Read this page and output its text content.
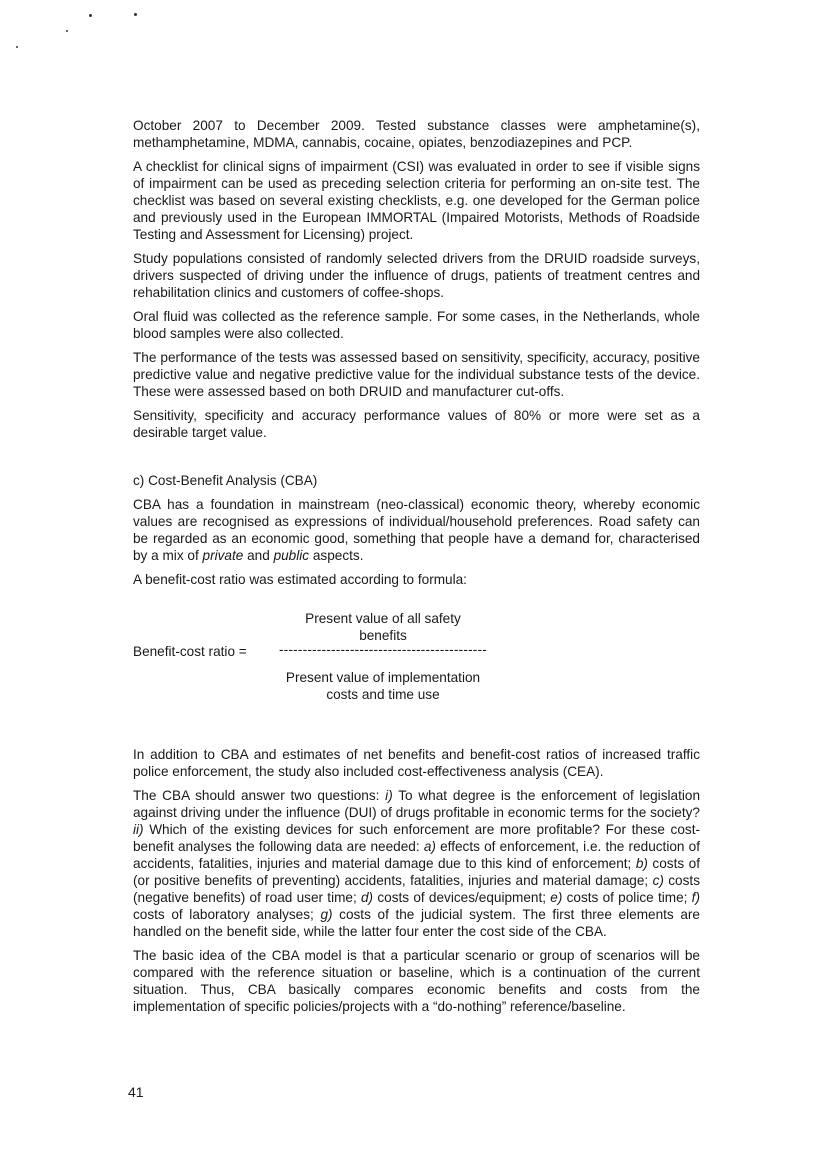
October 2007 to December 2009. Tested substance classes were amphetamine(s), methamphetamine, MDMA, cannabis, cocaine, opiates, benzodiazepines and PCP.

A checklist for clinical signs of impairment (CSI) was evaluated in order to see if visible signs of impairment can be used as preceding selection criteria for performing an on-site test. The checklist was based on several existing checklists, e.g. one developed for the German police and previously used in the European IMMORTAL (Impaired Motorists, Methods of Roadside Testing and Assessment for Licensing) project.

Study populations consisted of randomly selected drivers from the DRUID roadside surveys, drivers suspected of driving under the influence of drugs, patients of treatment centres and rehabilitation clinics and customers of coffee-shops.

Oral fluid was collected as the reference sample. For some cases, in the Netherlands, whole blood samples were also collected.

The performance of the tests was assessed based on sensitivity, specificity, accuracy, positive predictive value and negative predictive value for the individual substance tests of the device. These were assessed based on both DRUID and manufacturer cut-offs.

Sensitivity, specificity and accuracy performance values of 80% or more were set as a desirable target value.

c) Cost-Benefit Analysis (CBA)

CBA has a foundation in mainstream (neo-classical) economic theory, whereby economic values are recognised as expressions of individual/household preferences. Road safety can be regarded as an economic good, something that people have a demand for, characterised by a mix of private and public aspects.

A benefit-cost ratio was estimated according to formula:

Present value of all safety
benefits
Benefit-cost ratio = --------------------------------------------
Present value of implementation
costs and time use

In addition to CBA and estimates of net benefits and benefit-cost ratios of increased traffic police enforcement, the study also included cost-effectiveness analysis (CEA).

The CBA should answer two questions: i) To what degree is the enforcement of legislation against driving under the influence (DUI) of drugs profitable in economic terms for the society? ii) Which of the existing devices for such enforcement are more profitable? For these cost-benefit analyses the following data are needed: a) effects of enforcement, i.e. the reduction of accidents, fatalities, injuries and material damage due to this kind of enforcement; b) costs of (or positive benefits of preventing) accidents, fatalities, injuries and material damage; c) costs (negative benefits) of road user time; d) costs of devices/equipment; e) costs of police time; f) costs of laboratory analyses; g) costs of the judicial system. The first three elements are handled on the benefit side, while the latter four enter the cost side of the CBA.

The basic idea of the CBA model is that a particular scenario or group of scenarios will be compared with the reference situation or baseline, which is a continuation of the current situation. Thus, CBA basically compares economic benefits and costs from the implementation of specific policies/projects with a “do-nothing” reference/baseline.

41
